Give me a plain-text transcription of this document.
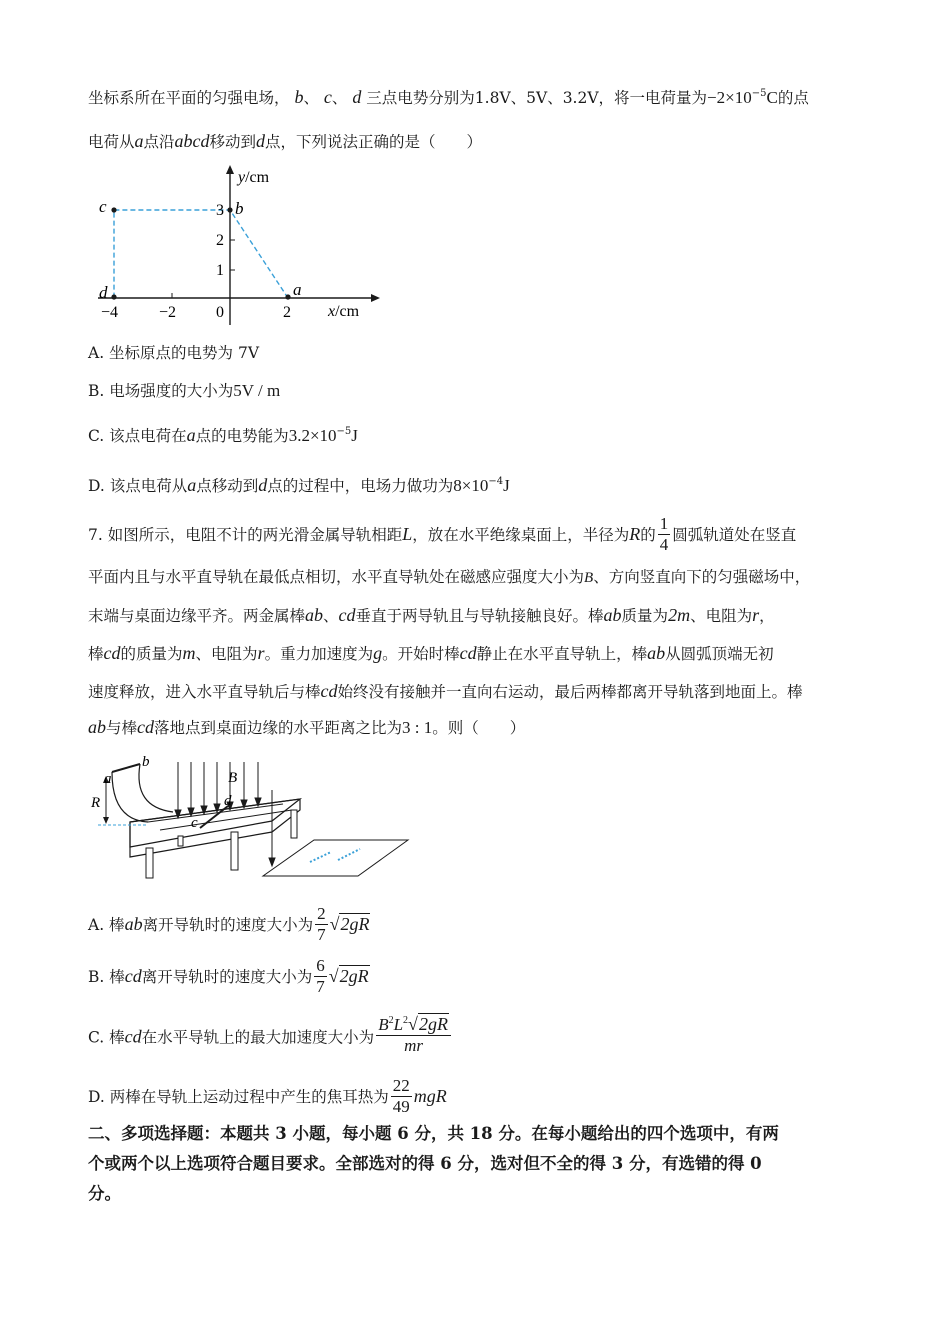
坐标系所在平面的匀强电场， b、 c、 d 三点电势分别为1.8V、5V、3.2V，将一电荷量为$-2\times 10^{-5}C$的点
电荷从a点沿abcd移动到d点，下列说法正确的是（　　）
y/cm
x/cm
a
b
c
d
3
2
1
−4	−2 0	2
A. 坐标原点的电势为 7V
B. 电场强度的大小为5V / m
C. 该点电荷在a点的电势能为$3.2\times 10^{-5}J$
D. 该点电荷从a点移动到d点的过程中，电场力做功为$8\times 10^{-4}J$
7. 如图所示，电阻不计的两光滑金属导轨相距L，放在水平绝缘桌面上，半径为R的 $\frac{1}{4}$ 圆弧轨道处在竖直
平面内且与水平直导轨在最低点相切，水平直导轨处在磁感应强度大小为B、方向竖直向下的匀强磁场中，
末端与桌面边缘平齐。两金属棒ab、cd垂直于两导轨且与导轨接触良好。棒ab质量为2m、电阻为r，
棒cd的质量为m、电阻为r。重力加速度为g。开始时棒cd静止在水平直导轨上，棒ab从圆弧顶端无初
速度释放，进入水平直导轨后与棒cd始终没有接触并一直向右运动，最后两棒都离开导轨落到地面上。棒
ab与棒cd落地点到桌面边缘的水平距离之比为3 : 1。则（　　）
a
b
B
d
c
R
A. 棒ab离开导轨时的速度大小为 $\frac{2}{7} √2gR$
B. 棒cd离开导轨时的速度大小为 $\frac{6}{7} √2gR$
C. 棒cd在水平导轨上的最大加速度大小为 $\frac{B^2L^2√2gR}{mr}$
D. 两棒在导轨上运动过程中产生的焦耳热为 $\frac{22}{49}$ mgR
二、多项选择题：本题共 3 小题，每小题 6 分，共 18 分。在每小题给出的四个选项中，有两
个或两个以上选项符合题目要求。全部选对的得 6 分，选对但不全的得 3 分，有选错的得 0
分。
